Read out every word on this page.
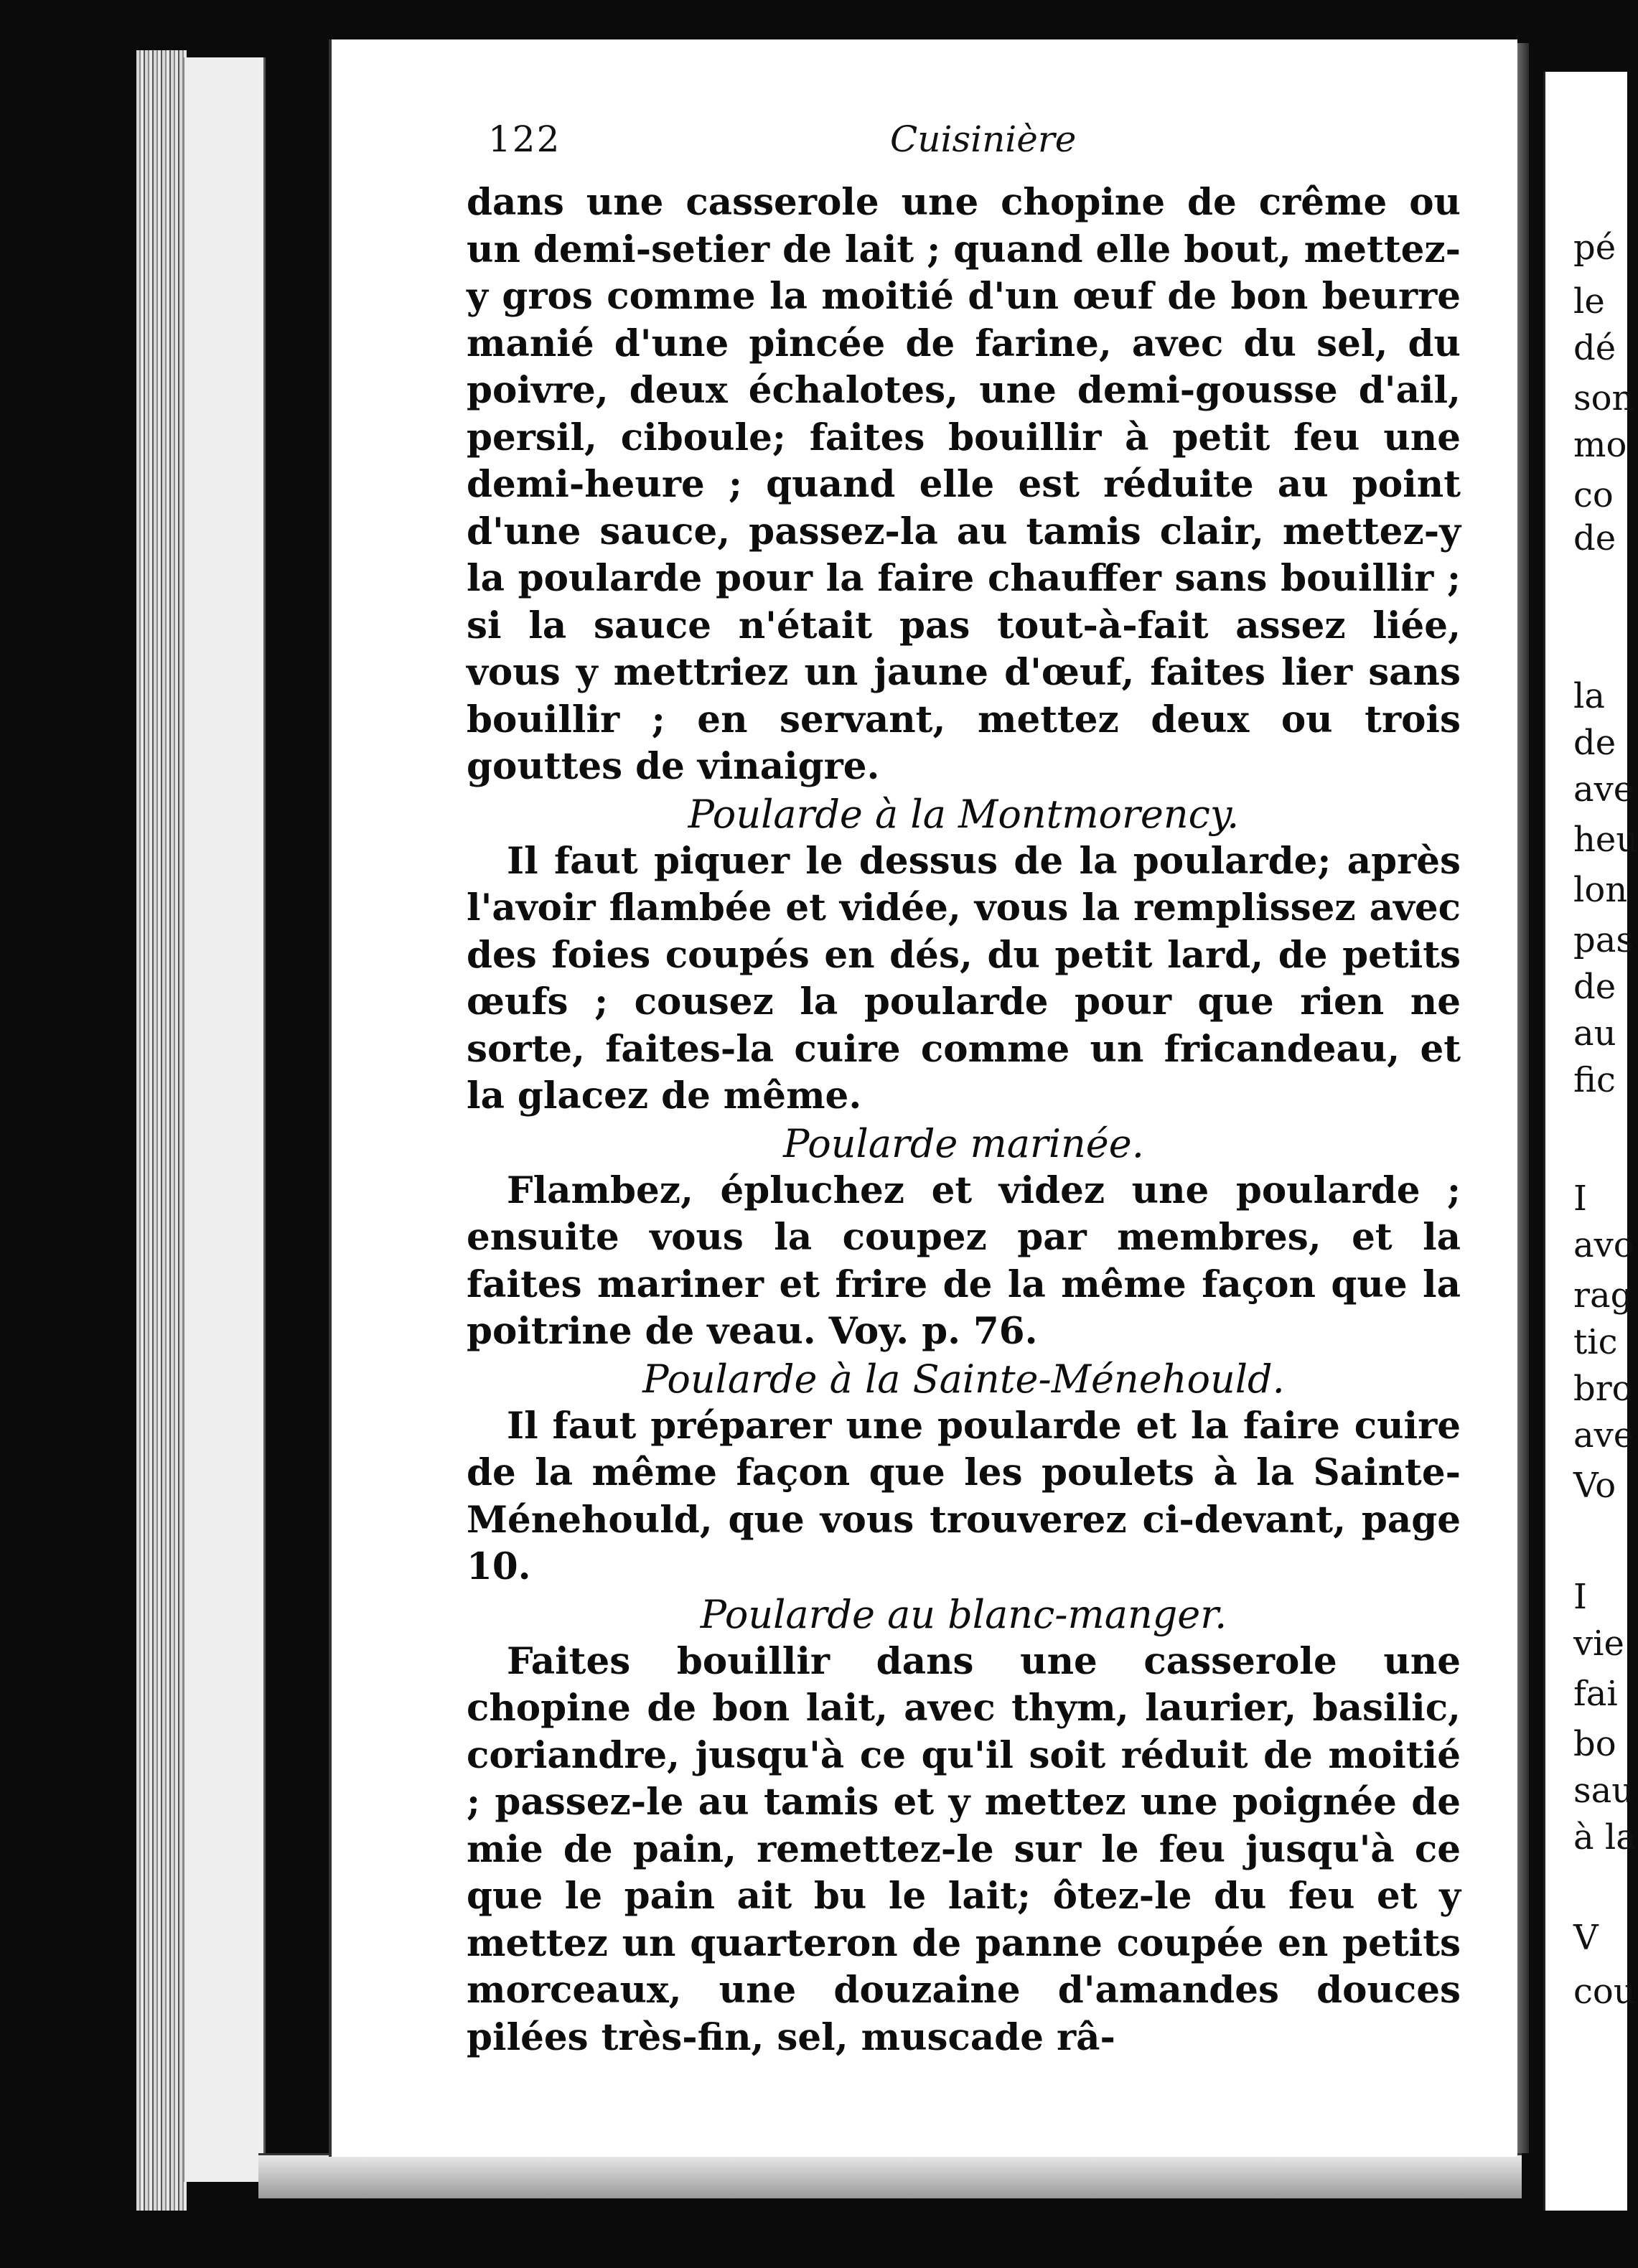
122	Cuisinière

dans une casserole une chopine de crême ou un demi-setier de lait ; quand elle bout, mettez-y gros comme la moitié d'un œuf de bon beurre manié d'une pincée de farine, avec du sel, du poivre, deux échalotes, une demi-gousse d'ail, persil, ciboule; faites bouillir à petit feu une demi-heure ; quand elle est réduite au point d'une sauce, passez-la au tamis clair, mettez-y la poularde pour la faire chauffer sans bouillir ; si la sauce n'était pas tout-à-fait assez liée, vous y mettriez un jaune d'œuf, faites lier sans bouillir ; en servant, mettez deux ou trois gouttes de vinaigre.

Poularde à la Montmorency.

Il faut piquer le dessus de la poularde; après l'avoir flambée et vidée, vous la remplissez avec des foies coupés en dés, du petit lard, de petits œufs ; cousez la poularde pour que rien ne sorte, faites-la cuire comme un fricandeau, et la glacez de même.

Poularde marinée.

Flambez, épluchez et videz une poularde ; ensuite vous la coupez par membres, et la faites mariner et frire de la même façon que la poitrine de veau. Voy. p. 76.

Poularde à la Sainte-Ménehould.

Il faut préparer une poularde et la faire cuire de la même façon que les poulets à la Sainte-Ménehould, que vous trouverez ci-devant, page 10.

Poularde au blanc-manger.

Faites bouillir dans une casserole une chopine de bon lait, avec thym, laurier, basilic, coriandre, jusqu'à ce qu'il soit réduit de moitié ; passez-le au tamis et y mettez une poignée de mie de pain, remettez-le sur le feu jusqu'à ce que le pain ait bu le lait; ôtez-le du feu et y mettez un quarteron de panne coupée en petits morceaux, une douzaine d'amandes douces pilées très-fin, sel, muscade râ-

pé
le
dé
son
mo
co
de
la
de
ave
heu
lon
pas
de
au
fic
I
avo
rag
tic
bro
ave
Vo
I
vie
fai
bo
sau
à la
V
cou
